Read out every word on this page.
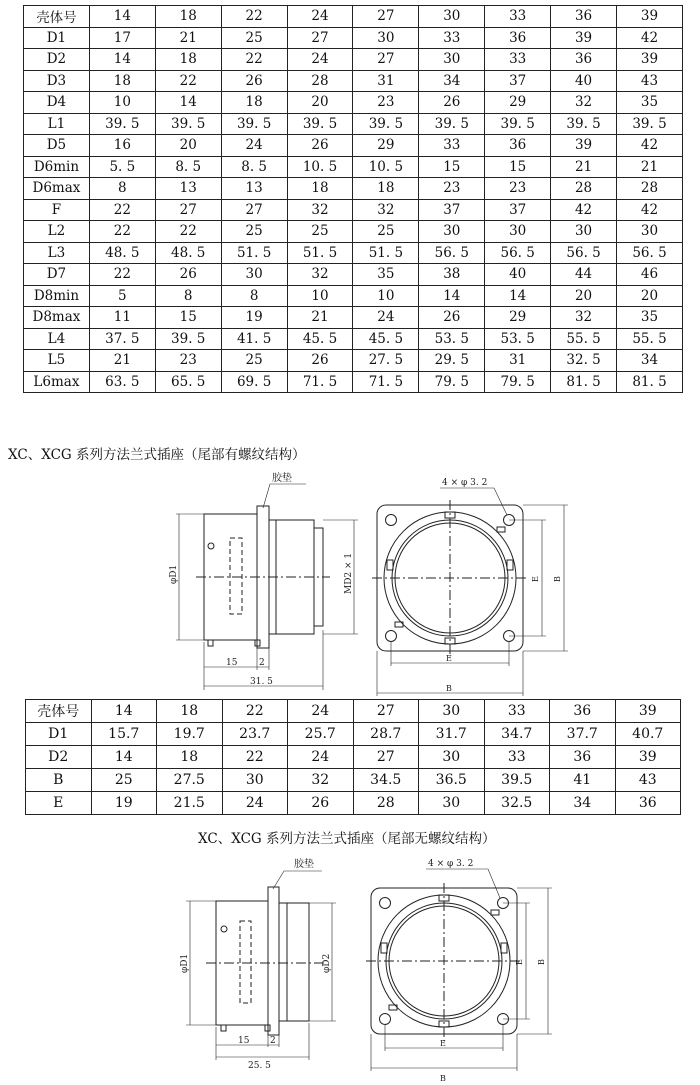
壳体号	14	18	22	24	27	30	33	36	39
D1	17	21	25	27	30	33	36	39	42
D2	14	18	22	24	27	30	33	36	39
D3	18	22	26	28	31	34	37	40	43
D4	10	14	18	20	23	26	29	32	35
L1	39. 5	39. 5	39. 5	39. 5	39. 5	39. 5	39. 5	39. 5	39. 5
D5	16	20	24	26	29	33	36	39	42
D6min	5. 5	8. 5	8. 5	10. 5	10. 5	15	15	21	21
D6max	8	13	13	18	18	23	23	28	28
F	22	27	27	32	32	37	37	42	42
L2	22	22	25	25	25	30	30	30	30
L3	48. 5	48. 5	51. 5	51. 5	51. 5	56. 5	56. 5	56. 5	56. 5
D7	22	26	30	32	35	38	40	44	46
D8min	5	8	8	10	10	14	14	20	20
D8max	11	15	19	21	24	26	29	32	35
L4	37. 5	39. 5	41. 5	45. 5	45. 5	53. 5	53. 5	55. 5	55. 5
L5	21	23	25	26	27. 5	29. 5	31	32. 5	34
L6max	63. 5	65. 5	69. 5	71. 5	71. 5	79. 5	79. 5	81. 5	81. 5
XC、XCG 系列方法兰式插座（尾部有螺纹结构）
胶垫	4 × φ 3. 2
φD1	MD2 × 1
15 2
31. 5
E
B
E B
壳体号	14	18	22	24	27	30	33	36	39
D1	15.7	19.7	23.7	25.7	28.7	31.7	34.7	37.7	40.7
D2	14	18	22	24	27	30	33	36	39
B	25	27.5	30	32	34.5	36.5	39.5	41	43
E	19	21.5	24	26	28	30	32.5	34	36
XC、XCG 系列方法兰式插座（尾部无螺纹结构）
胶垫	4 × φ 3. 2
φD1	φD2
15 2
25. 5
E
B
E B
